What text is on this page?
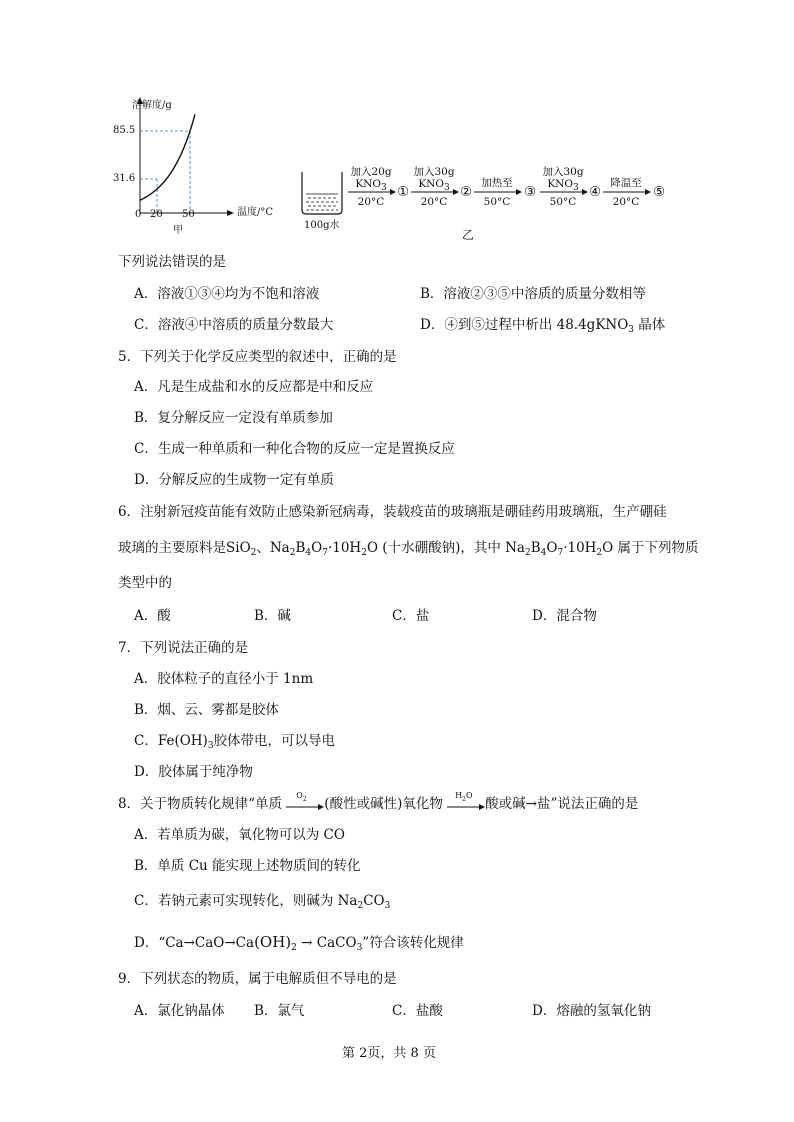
溶解度/g
85.5
31.6
0 20 50	温度/°C
甲	100g水
加入20g
$KNO_3$
20°C
①
加入30g
$KNO_3$
20°C
②
加热至
50°C
③
加入30g
$KNO_3$
50°C
④
降温至
20°C
⑤
乙
下列说法错误的是
A．溶液①③④均为不饱和溶液	B．溶液②③⑤中溶质的质量分数相等
C．溶液④中溶质的质量分数最大	D．④到⑤过程中析出 48.4gKNO$_3$ 晶体
5．下列关于化学反应类型的叙述中，正确的是
A．凡是生成盐和水的反应都是中和反应
B．复分解反应一定没有单质参加
C．生成一种单质和一种化合物的反应一定是置换反应
D．分解反应的生成物一定有单质
6．注射新冠疫苗能有效防止感染新冠病毒，装载疫苗的玻璃瓶是硼硅药用玻璃瓶，生产硼硅
玻璃的主要原料是SiO$_2$、$Na_2B_4O_7\cdot 10H_2O$ (十水硼酸钠)，其中 $Na_2B_4O_7\cdot 10H_2O$ 属于下列物质
类型中的
A．酸	B．碱	C．盐	D．混合物
7．下列说法正确的是
A．胶体粒子的直径小于 1nm
B．烟、云、雾都是胶体
C．$Fe(OH)_3$胶体带电，可以导电
D．胶体属于纯净物
8．关于物质转化规律“单质
$O_2$ (酸性或碱性)氧化物
$H_2O$
酸或碱→盐”说法正确的是
A．若单质为碳，氧化物可以为 CO
B．单质 Cu 能实现上述物质间的转化
C．若钠元素可实现转化，则碱为 $Na_2CO_3$
D．“$Ca\to CaO\to Ca(OH)_2$ → CaCO$_3$”符合该转化规律
9．下列状态的物质，属于电解质但不导电的是
A．氯化钠晶体 B．氯气	C．盐酸	D．熔融的氢氧化钠
第 2页，共 8 页
